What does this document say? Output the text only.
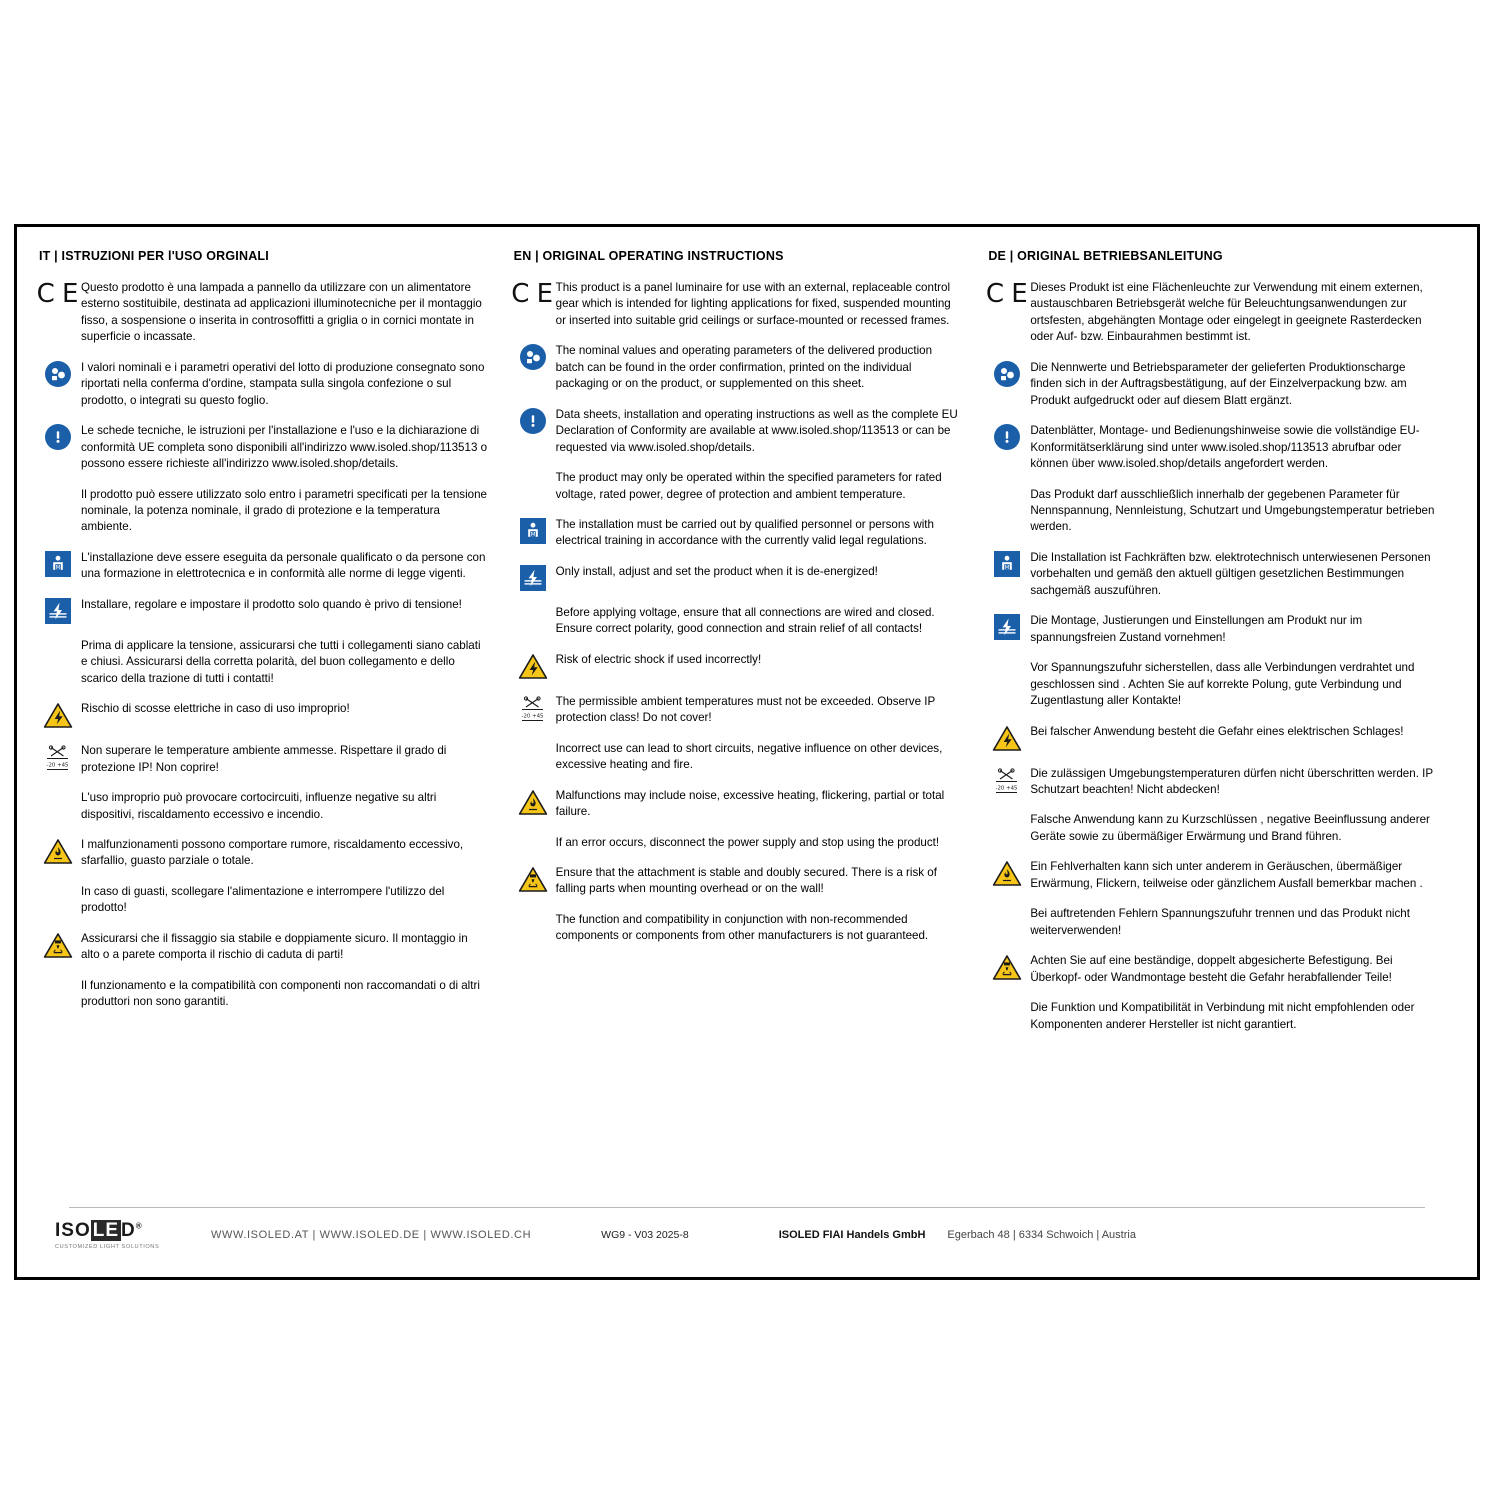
IT | ISTRUZIONI PER l'USO ORGINALI
C E Questo prodotto è una lampada a pannello da utilizzare con un alimentatore esterno sostituibile, destinata ad applicazioni illuminotecniche per il montaggio fisso, a sospensione o inserita in controsoffitti a griglia o in cornici montate in superficie o incassate.
I valori nominali e i parametri operativi del lotto di produzione consegnato sono riportati nella conferma d'ordine, stampata sulla singola confezione o sul prodotto, o integrati su questo foglio.
Le schede tecniche, le istruzioni per l'installazione e l'uso e la dichiarazione di conformità UE completa sono disponibili all'indirizzo www.isoled.shop/113513 o possono essere richieste all'indirizzo www.isoled.shop/details.
Il prodotto può essere utilizzato solo entro i parametri specificati per la tensione nominale, la potenza nominale, il grado di protezione e la temperatura ambiente.
M
L'installazione deve essere eseguita da personale qualificato o da persone con una formazione in elettrotecnica e in conformità alle norme di legge vigenti.
Installare, regolare e impostare il prodotto solo quando è privo di tensione!
Prima di applicare la tensione, assicurarsi che tutti i collegamenti siano cablati e chiusi. Assicurarsi della corretta polarità, del buon collegamento e dello scarico della trazione di tutti i contatti!
Rischio di scosse elettriche in caso di uso improprio!
-20 +45
Non superare le temperature ambiente ammesse. Rispettare il grado di protezione IP! Non coprire!
L'uso improprio può provocare cortocircuiti, influenze negative su altri dispositivi, riscaldamento eccessivo e incendio.
I malfunzionamenti possono comportare rumore, riscaldamento eccessivo, sfarfallio, guasto parziale o totale.
In caso di guasti, scollegare l'alimentazione e interrompere l'utilizzo del prodotto!
Assicurarsi che il fissaggio sia stabile e doppiamente sicuro. Il montaggio in alto o a parete comporta il rischio di caduta di parti!
Il funzionamento e la compatibilità con componenti non raccomandati o di altri produttori non sono garantiti.
EN | ORIGINAL OPERATING INSTRUCTIONS
C E This product is a panel luminaire for use with an external, replaceable control gear which is intended for lighting applications for fixed, suspended mounting or inserted into suitable grid ceilings or surface-mounted or recessed frames.
The nominal values and operating parameters of the delivered production batch can be found in the order confirmation, printed on the individual packaging or on the product, or supplemented on this sheet.
Data sheets, installation and operating instructions as well as the complete EU Declaration of Conformity are available at www.isoled.shop/113513 or can be requested via www.isoled.shop/details.
The product may only be operated within the specified parameters for rated voltage, rated power, degree of protection and ambient temperature.
M
The installation must be carried out by qualified personnel or persons with electrical training in accordance with the currently valid legal regulations.
Only install, adjust and set the product when it is de-energized!
Before applying voltage, ensure that all connections are wired and closed. Ensure correct polarity, good connection and strain relief of all contacts!
Risk of electric shock if used incorrectly!
-20 +45
The permissible ambient temperatures must not be exceeded. Observe IP protection class! Do not cover!
Incorrect use can lead to short circuits, negative influence on other devices, excessive heating and fire.
Malfunctions may include noise, excessive heating, flickering, partial or total failure.
If an error occurs, disconnect the power supply and stop using the product!
Ensure that the attachment is stable and doubly secured. There is a risk of falling parts when mounting overhead or on the wall!
The function and compatibility in conjunction with non-recommended components or components from other manufacturers is not guaranteed.
DE | ORIGINAL BETRIEBSANLEITUNG
C E Dieses Produkt ist eine Flächenleuchte zur Verwendung mit einem externen, austauschbaren Betriebsgerät welche für Beleuchtungsanwendungen zur ortsfesten, abgehängten Montage oder eingelegt in geeignete Rasterdecken oder Auf- bzw. Einbaurahmen bestimmt ist.
Die Nennwerte und Betriebsparameter der gelieferten Produktionscharge finden sich in der Auftragsbestätigung, auf der Einzelverpackung bzw. am Produkt aufgedruckt oder auf diesem Blatt ergänzt.
Datenblätter, Montage- und Bedienungshinweise sowie die vollständige EU-Konformitätserklärung sind unter www.isoled.shop/113513 abrufbar oder können über www.isoled.shop/details angefordert werden.
Das Produkt darf ausschließlich innerhalb der gegebenen Parameter für Nennspannung, Nennleistung, Schutzart und Umgebungstemperatur betrieben werden.
M
Die Installation ist Fachkräften bzw. elektrotechnisch unterwiesenen Personen vorbehalten und gemäß den aktuell gültigen gesetzlichen Bestimmungen sachgemäß auszuführen.
Die Montage, Justierungen und Einstellungen am Produkt nur im spannungsfreien Zustand vornehmen!
Vor Spannungszufuhr sicherstellen, dass alle Verbindungen verdrahtet und geschlossen sind . Achten Sie auf korrekte Polung, gute Verbindung und Zugentlastung aller Kontakte!
Bei falscher Anwendung besteht die Gefahr eines elektrischen Schlages!
-20 +45
Die zulässigen Umgebungstemperaturen dürfen nicht überschritten werden. IP Schutzart beachten! Nicht abdecken!
Falsche Anwendung kann zu Kurzschlüssen , negative Beeinflussung anderer Geräte sowie zu übermäßiger Erwärmung und Brand führen.
Ein Fehlverhalten kann sich unter anderem in Geräuschen, übermäßiger Erwärmung, Flickern, teilweise oder gänzlichem Ausfall bemerkbar machen .
Bei auftretenden Fehlern Spannungszufuhr trennen und das Produkt nicht weiterverwenden!
Achten Sie auf eine beständige, doppelt abgesicherte Befestigung. Bei Überkopf- oder Wandmontage besteht die Gefahr herabfallender Teile!
Die Funktion und Kompatibilität in Verbindung mit nicht empfohlenden oder Komponenten anderer Hersteller ist nicht garantiert.
ISO LE D®
CUSTOMIZED LIGHT SOLUTIONS
WWW.ISOLED.AT | WWW.ISOLED.DE | WWW.ISOLED.CH	WG9 - V03 2025-8	ISOLED FIAI Handels GmbH Egerbach 48 | 6334 Schwoich | Austria
